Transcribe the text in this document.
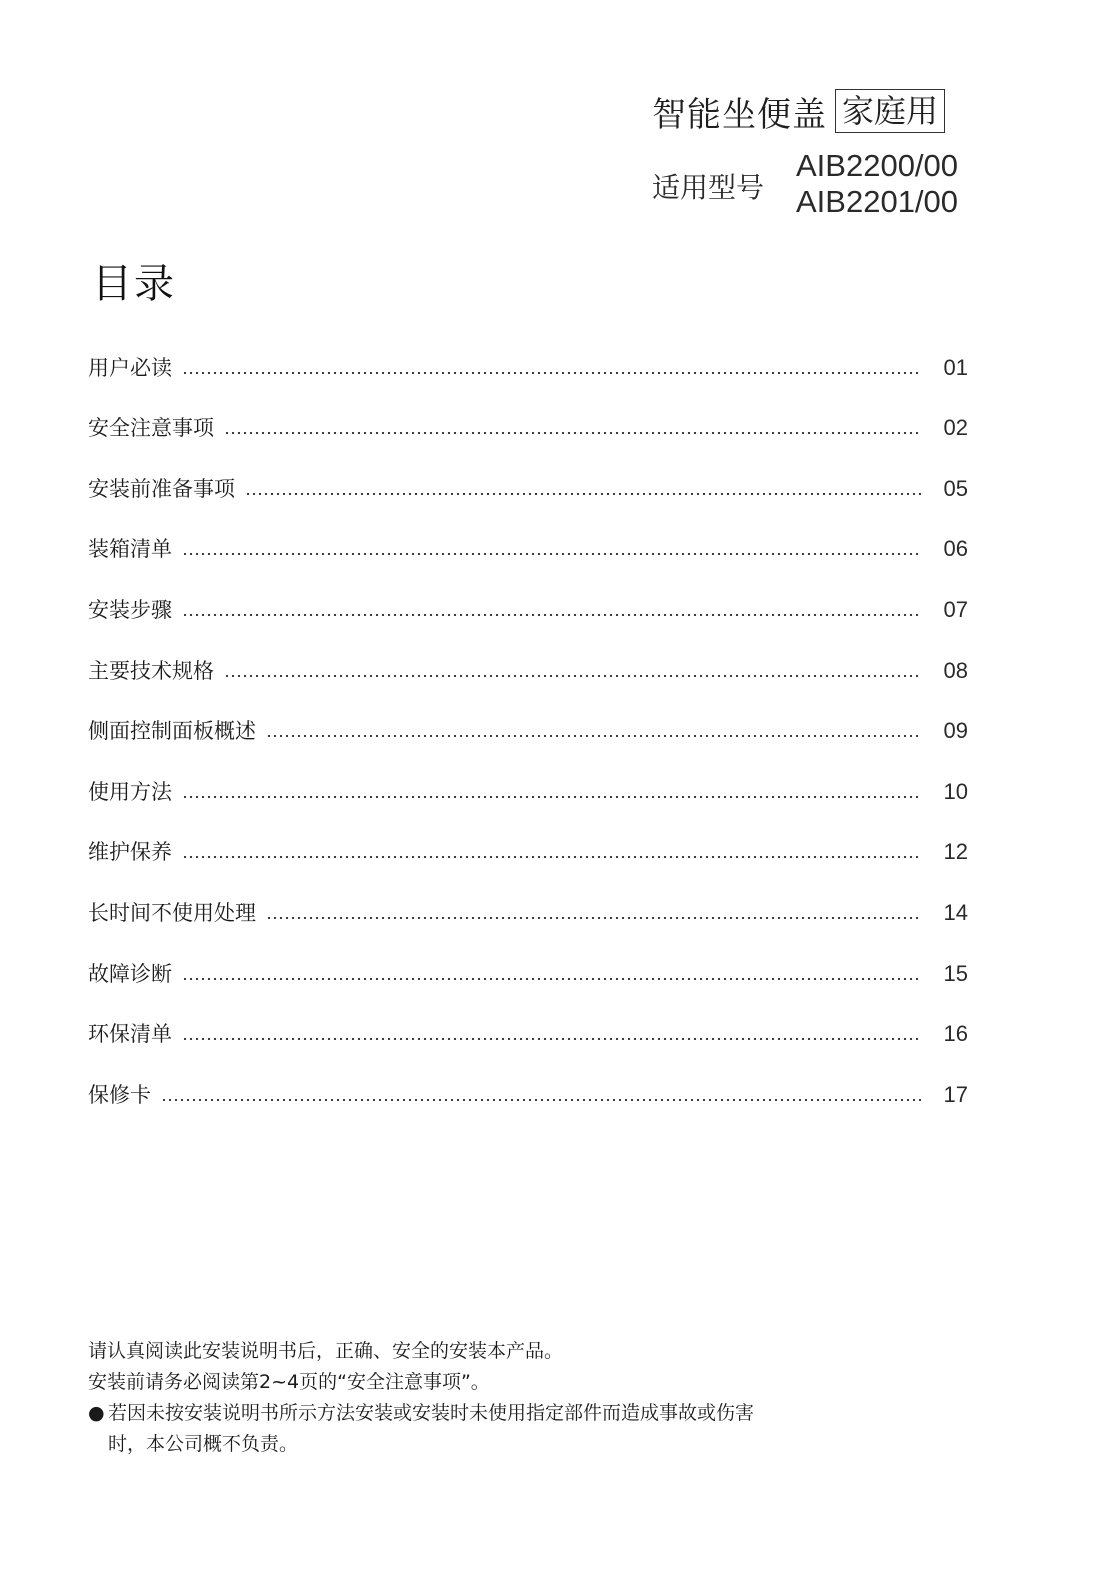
智能坐便盖 家庭用
适用型号
AIB2200/00
AIB2201/00
目录
用户必读	01
安全注意事项	02
安装前准备事项	05
装箱清单	06
安装步骤	07
主要技术规格	08
侧面控制面板概述	09
使用方法	10
维护保养	12
长时间不使用处理	14
故障诊断	15
环保清单	16
保修卡	17
请认真阅读此安装说明书后，正确、安全的安装本产品。
安装前请务必阅读第2~4页的“安全注意事项”。
● 若因未按安装说明书所示方法安装或安装时未使用指定部件而造成事故或伤害时，本公司概不负责。
